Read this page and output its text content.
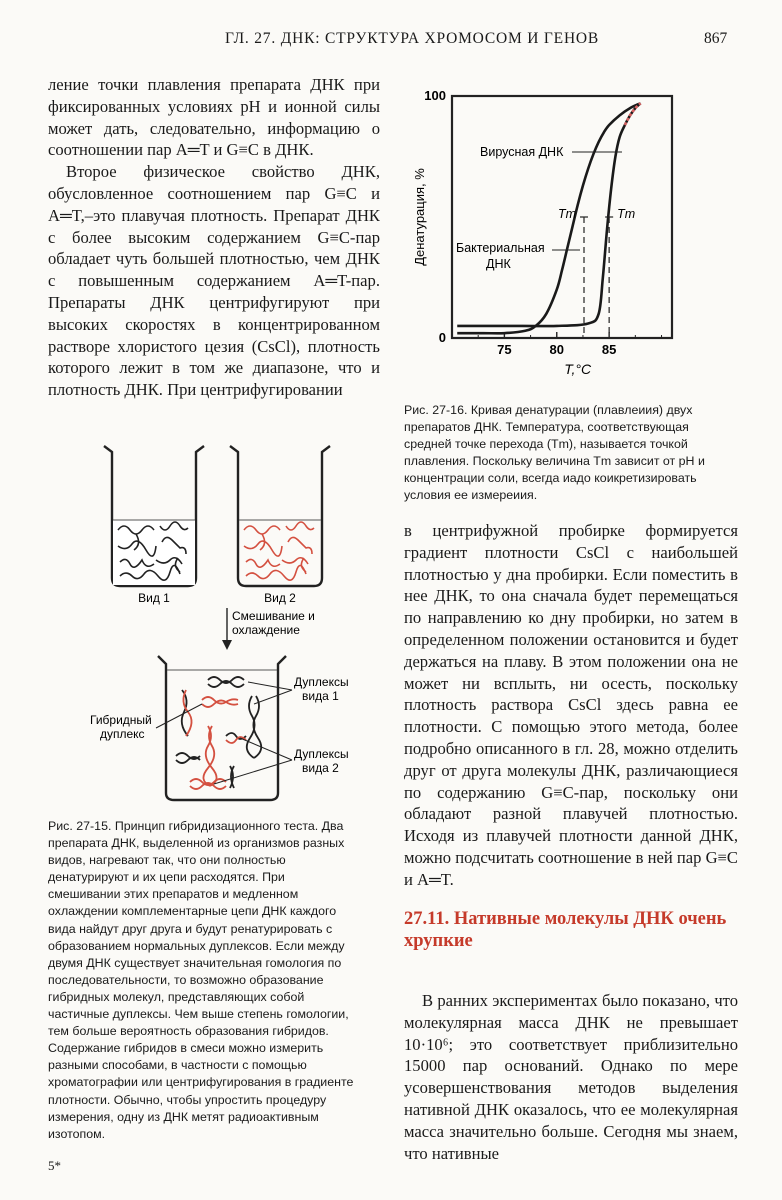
ГЛ. 27. ДНК: СТРУКТУРА ХРОМОСОМ И ГЕНОВ	867

ление точки плавления препарата ДНК при фиксированных условиях pH и ионной силы может дать, следовательно, информацию о соотношении пар A═T и G≡C в ДНК.

Второе физическое свойство ДНК, обусловленное соотношением пар G≡C и A═T,–это плавучая плотность. Препарат ДНК с более высоким содержанием G≡C-пар обладает чуть большей плотностью, чем ДНК с повышенным содержанием A═T-пар. Препараты ДНК центрифугируют при высоких скоростях в концентрированном растворе хлористого цезия (CsCl), плотность которого лежит в том же диапазоне, что и плотность ДНК. При центрифугировании

75	80	85
0
100
T,°C
Денатурация, %
Вирусная ДНК
Бактериальная
ДНК
Tm	Tm
Рис. 27-16. Кривая денатурации (плавлеиия) двух препаратов ДНК. Температура, соответствующая средней точке перехода (Tm), называется точкой плавления. Поскольку величина Tm зависит от pH и концентрации соли, всегда иадо коикретизировать условия ее измереиия.
Вид 1	Вид 2
Смешивание и
охлаждение
Гибридный
дуплекс
Дуплексы
вида 1
Дуплексы
вида 2
Рис. 27-15. Принцип гибридизационного теста. Два препарата ДНК, выделенной из организмов разных видов, нагревают так, что они полностью денатурируют и их цепи расходятся. При смешивании этих препаратов и медленном охлаждении комплементарные цепи ДНК каждого вида найдут друг друга и будут ренатурировать с образованием нормальных дуплексов. Если между двумя ДНК существует значительная гомология по последовательности, то возможно образование гибридных молекул, представляющих собой частичные дуплексы. Чем выше степень гомологии, тем больше вероятность образования гибридов. Содержание гибридов в смеси можно измерить разными способами, в частности с помощью хроматографии или центрифугирования в градиенте плотности. Обычно, чтобы упростить процедуру измерения, одну из ДНК метят радиоактивным изотопом.

в центрифужной пробирке формируется градиент плотности CsCl с наибольшей плотностью у дна пробирки. Если поместить в нее ДНК, то она сначала будет перемещаться по направлению ко дну пробирки, но затем в определенном положении остановится и будет держаться на плаву. В этом положении она не может ни всплыть, ни осесть, поскольку плотность раствора CsCl здесь равна ее плотности. С помощью этого метода, более подробно описанного в гл. 28, можно отделить друг от друга молекулы ДНК, различающиеся по содержанию G≡C-пар, поскольку они обладают разной плавучей плотностью. Исходя из плавучей плотности данной ДНК, можно подсчитать соотношение в ней пар G≡C и A═T.

27.11. Нативные молекулы ДНК очень хрупкие

В ранних экспериментах было показано, что молекулярная масса ДНК не превышает 10·10⁶; это соответствует приблизительно 15000 пар оснований. Однако по мере усовершенствования методов выделения нативной ДНК оказалось, что ее молекулярная масса значительно больше. Сегодня мы знаем, что нативные

5*
